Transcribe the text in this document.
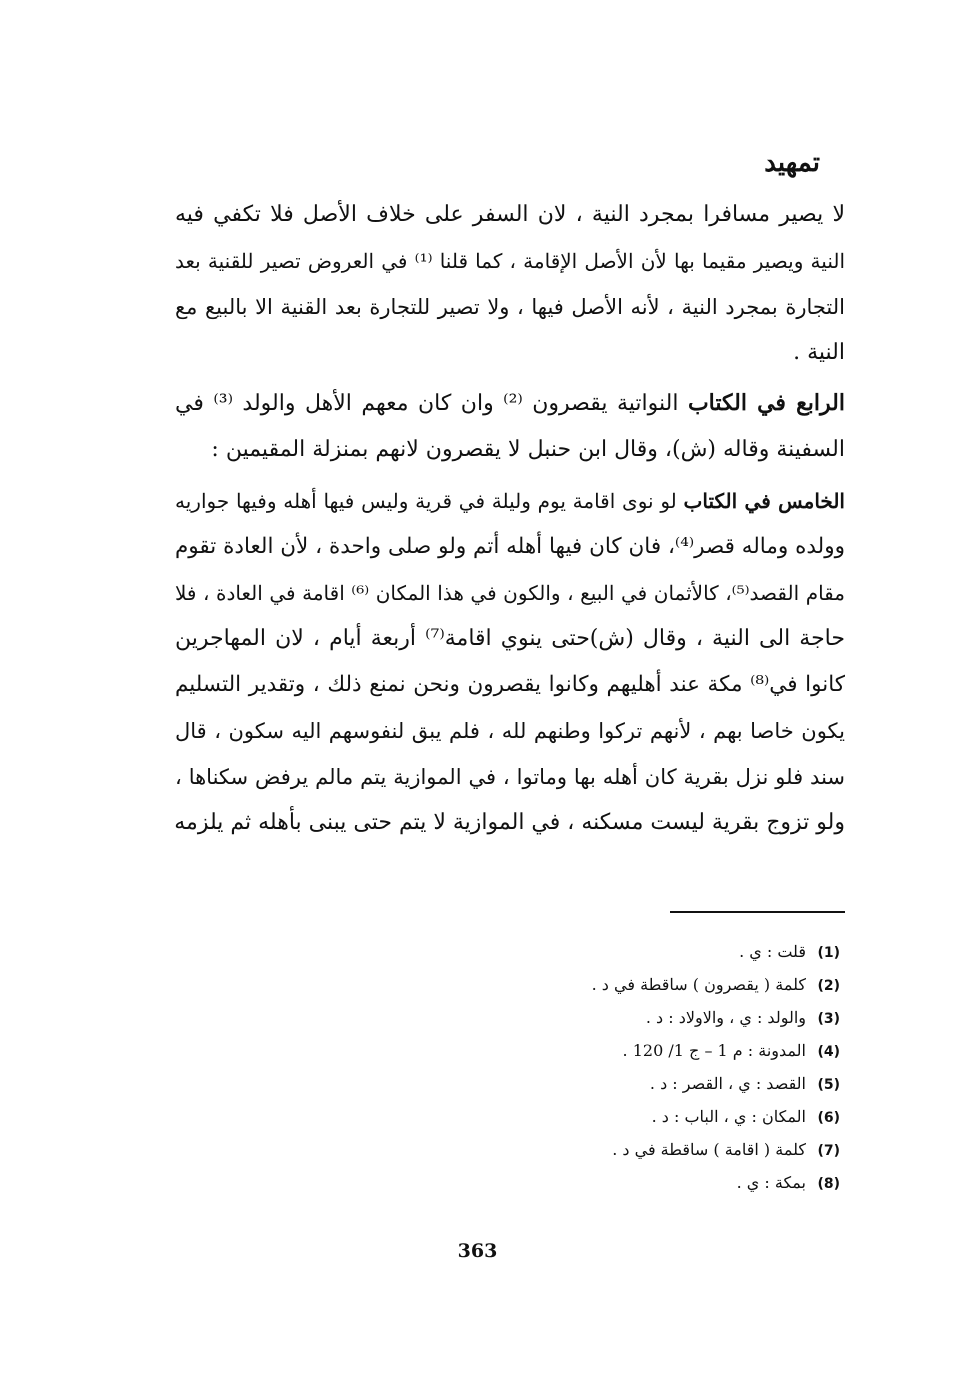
تمهيد
لا يصير مسافرا بمجرد النية ، لان السفر على خلاف الأصل فلا تكفي فيه
النية ويصير مقيما بها لأن الأصل الإقامة ، كما قلنا ⁽¹⁾ في العروض تصير للقنية بعد
التجارة بمجرد النية ، لأنه الأصل فيها ، ولا تصير للتجارة بعد القنية الا بالبيع مع
النية .
الرابع في الكتاب النواتية يقصرون ⁽²⁾ وان كان معهم الأهل والولد ⁽³⁾ في
السفينة وقاله (ش)، وقال ابن حنبل لا يقصرون لانهم بمنزلة المقيمين :
الخامس في الكتاب لو نوى اقامة يوم وليلة في قرية وليس فيها أهله وفيها جواريه
وولده وماله قصر⁽⁴⁾، فان كان فيها أهله أتم ولو صلى واحدة ، لأن العادة تقوم
مقام القصد⁽⁵⁾، كالأثمان في البيع ، والكون في هذا المكان ⁽⁶⁾ اقامة في العادة ، فلا
حاجة الى النية ، وقال (ش)حتى ينوي اقامة⁽⁷⁾ أربعة أيام ، لان المهاجرين
كانوا في⁽⁸⁾ مكة عند أهليهم وكانوا يقصرون ونحن نمنع ذلك ، وتقدير التسليم
يكون خاصا بهم ، لأنهم تركوا وطنهم لله ، فلم يبق لنفوسهم اليه سكون ، قال
سند فلو نزل بقرية كان أهله بها وماتوا ، في الموازية يتم مالم يرفض سكناها ،
ولو تزوج بقرية ليست مسكنه ، في الموازية لا يتم حتى يبنى بأهله ثم يلزمه
(1)قلت : ي .
(2)كلمة ( يقصرون ) ساقطة في د .
(3)والولد : ي ، والاولاد : د .
(4)المدونة : م 1 – ج 1/ 120 .
(5)القصد : ي ، القصر : د .
(6)المكان : ي ، الباب : د .
(7)كلمة ( اقامة ) ساقطة في د .
(8)بمكة : ي .
363
